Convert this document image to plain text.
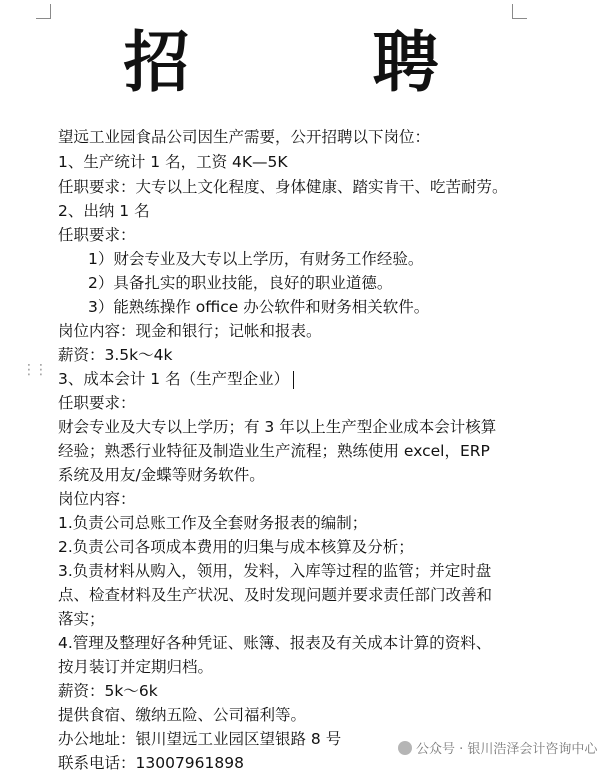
招 聘
望远工业园食品公司因生产需要，公开招聘以下岗位：
1、生产统计 1 名，工资 4K—5K
任职要求：大专以上文化程度、身体健康、踏实肯干、吃苦耐劳。
2、出纳 1 名
任职要求：
1）财会专业及大专以上学历，有财务工作经验。
2）具备扎实的职业技能，良好的职业道德。
3）能熟练操作 office 办公软件和财务相关软件。
岗位内容：现金和银行；记帐和报表。
薪资：3.5k～4k
⋮⋮ 3、成本会计 1 名（生产型企业）
任职要求：
财会专业及大专以上学历；有 3 年以上生产型企业成本会计核算
经验；熟悉行业特征及制造业生产流程；熟练使用 excel，ERP
系统及用友/金蝶等财务软件。
岗位内容：
1.负责公司总账工作及全套财务报表的编制；
2.负责公司各项成本费用的归集与成本核算及分析；
3.负责材料从购入，领用，发料，入库等过程的监管；并定时盘
点、检查材料及生产状况、及时发现问题并要求责任部门改善和
落实；
4.管理及整理好各种凭证、账簿、报表及有关成本计算的资料、
按月装订并定期归档。
薪资：5k～6k
提供食宿、缴纳五险、公司福利等。
办公地址：银川望远工业园区望银路 8 号
联系电话：13007961898
公众号 · 银川浩泽会计咨询中心
